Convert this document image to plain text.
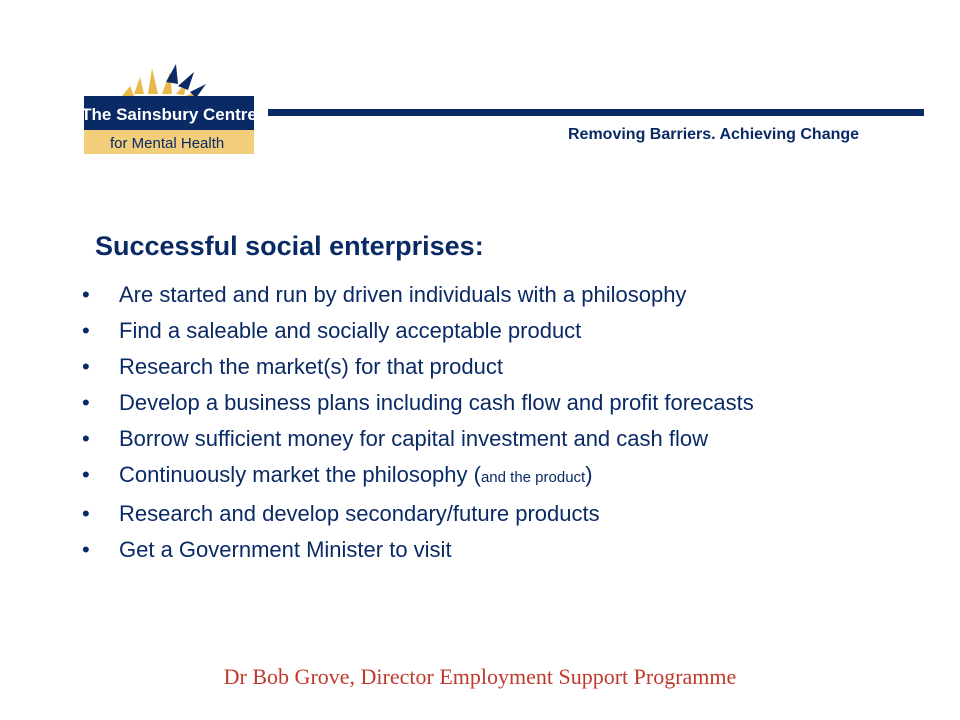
The Sainsbury Centre
for Mental Health
Removing Barriers. Achieving Change
Successful social enterprises:
• Are started and run by driven individuals with a philosophy
• Find a saleable and socially acceptable product
• Research the market(s) for that product
• Develop a business plans including cash flow and profit forecasts
• Borrow sufficient money for capital investment and cash flow
• Continuously market the philosophy (and the product)
• Research and develop secondary/future products
• Get a Government Minister to visit
Dr Bob Grove, Director Employment Support Programme
